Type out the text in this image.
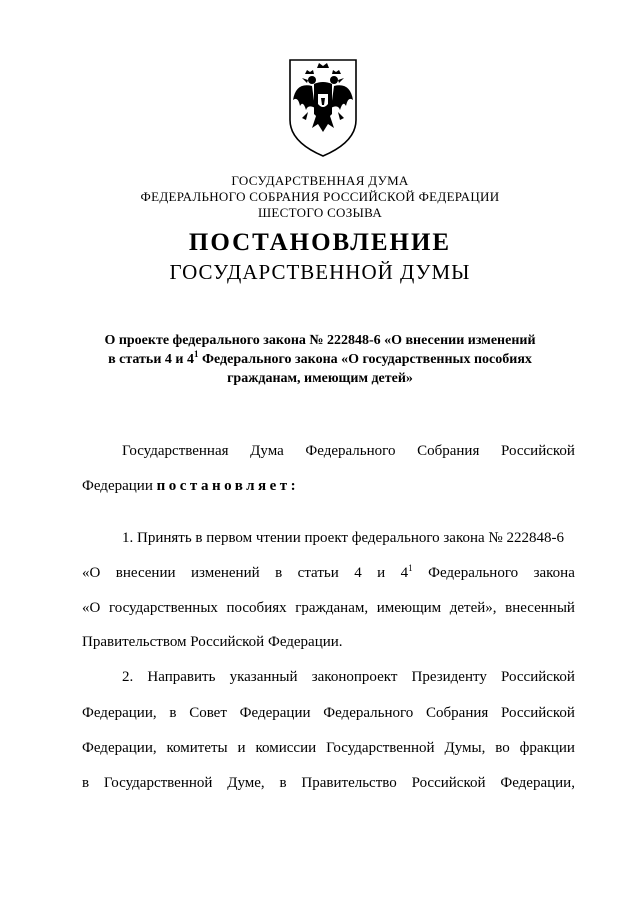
ГОСУДАРСТВЕННАЯ ДУМА
ФЕДЕРАЛЬНОГО СОБРАНИЯ РОССИЙСКОЙ ФЕДЕРАЦИИ
ШЕСТОГО СОЗЫВА
ПОСТАНОВЛЕНИЕ
ГОСУДАРСТВЕННОЙ ДУМЫ
О проекте федерального закона № 222848-6 «О внесении изменений
в статьи 4 и $4^1$ Федерального закона «О государственных пособиях
гражданам, имеющим детей»
Государственная Дума Федерального Собрания Российской
Федерации постановляет:
1. Принять в первом чтении проект федерального закона № 222848-6
«О внесении изменений в статьи 4 и $4^1$ Федерального закона
«О государственных пособиях гражданам, имеющим детей», внесенный
Правительством Российской Федерации.
2. Направить указанный законопроект Президенту Российской
Федерации, в Совет Федерации Федерального Собрания Российской
Федерации, комитеты и комиссии Государственной Думы, во фракции
в Государственной Думе, в Правительство Российской Федерации,
